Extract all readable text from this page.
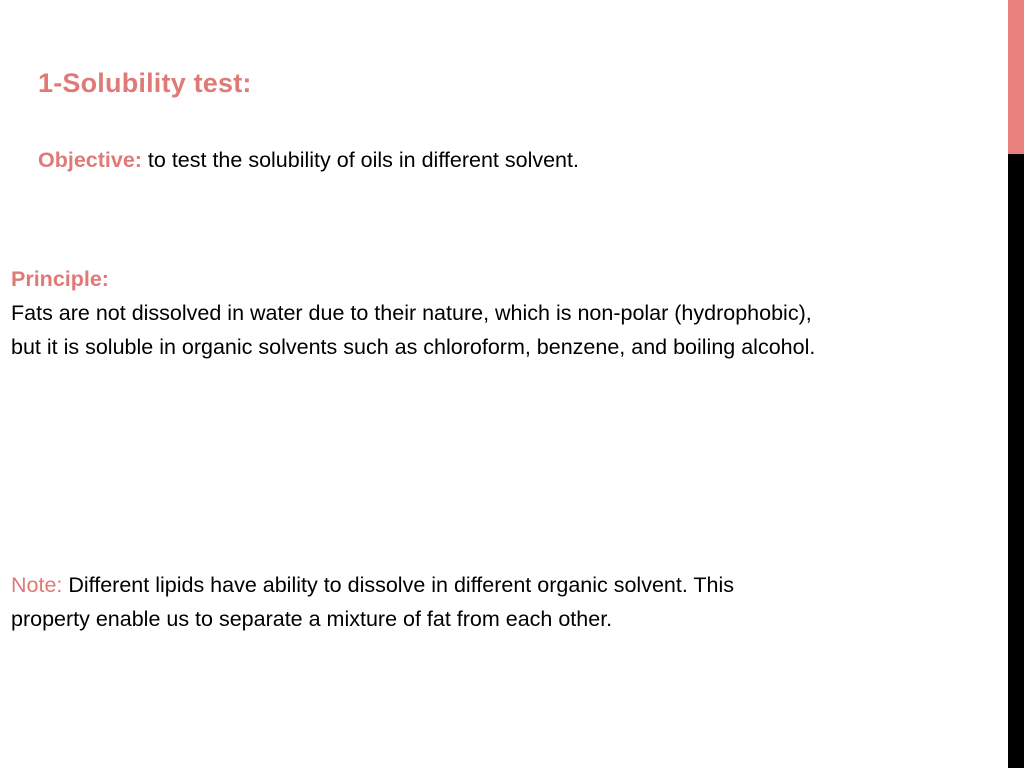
1-Solubility test:

Objective: to test the solubility of oils in different solvent.

Principle:
Fats are not dissolved in water due to their nature, which is non-polar (hydrophobic),
but it is soluble in organic solvents such as chloroform, benzene, and boiling alcohol.
Note: Different lipids have ability to dissolve in different organic solvent. This
property enable us to separate a mixture of fat from each other.
